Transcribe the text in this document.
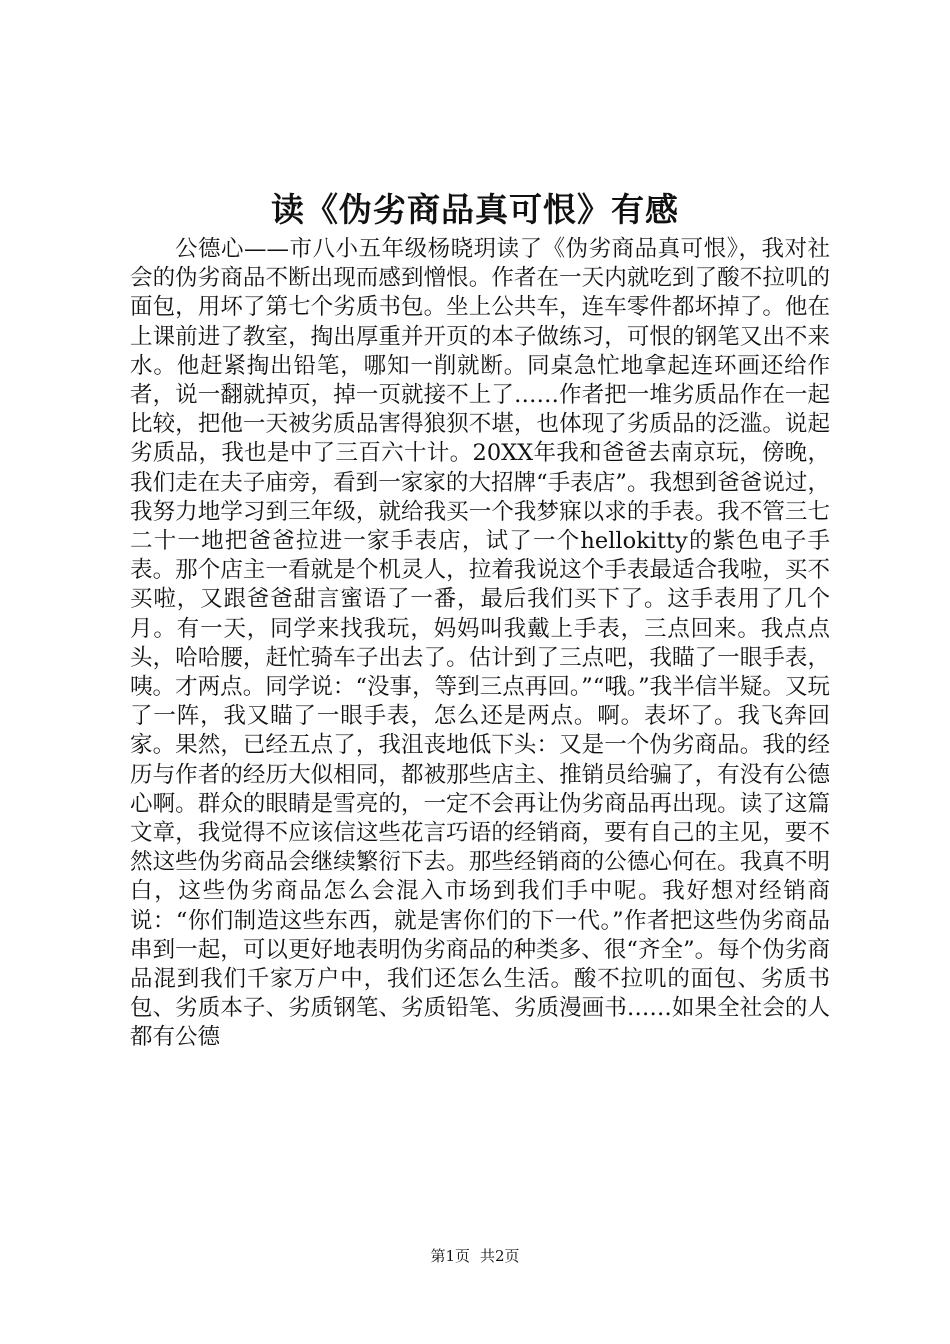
读《伪劣商品真可恨》有感

公德心——市八小五年级杨晓玥读了《伪劣商品真可恨》，我对社会的伪劣商品不断出现而感到憎恨。作者在一天内就吃到了酸不拉叽的面包，用坏了第七个劣质书包。坐上公共车，连车零件都坏掉了。他在上课前进了教室，掏出厚重并开页的本子做练习，可恨的钢笔又出不来水。他赶紧掏出铅笔，哪知一削就断。同桌急忙地拿起连环画还给作者，说一翻就掉页，掉一页就接不上了……作者把一堆劣质品作在一起比较，把他一天被劣质品害得狼狈不堪，也体现了劣质品的泛滥。说起劣质品，我也是中了三百六十计。20XX年我和爸爸去南京玩，傍晚，我们走在夫子庙旁，看到一家家的大招牌“手表店”。我想到爸爸说过，我努力地学习到三年级，就给我买一个我梦寐以求的手表。我不管三七二十一地把爸爸拉进一家手表店，试了一个hellokitty的紫色电子手表。那个店主一看就是个机灵人，拉着我说这个手表最适合我啦，买不买啦，又跟爸爸甜言蜜语了一番，最后我们买下了。这手表用了几个月。有一天，同学来找我玩，妈妈叫我戴上手表，三点回来。我点点头，哈哈腰，赶忙骑车子出去了。估计到了三点吧，我瞄了一眼手表，咦。才两点。同学说：“没事，等到三点再回。”“哦。”我半信半疑。又玩了一阵，我又瞄了一眼手表，怎么还是两点。啊。表坏了。我飞奔回家。果然，已经五点了，我沮丧地低下头：又是一个伪劣商品。我的经历与作者的经历大似相同，都被那些店主、推销员给骗了，有没有公德心啊。群众的眼睛是雪亮的，一定不会再让伪劣商品再出现。读了这篇文章，我觉得不应该信这些花言巧语的经销商，要有自己的主见，要不然这些伪劣商品会继续繁衍下去。那些经销商的公德心何在。我真不明白，这些伪劣商品怎么会混入市场到我们手中呢。我好想对经销商说：“你们制造这些东西，就是害你们的下一代。”作者把这些伪劣商品串到一起，可以更好地表明伪劣商品的种类多、很“齐全”。每个伪劣商品混到我们千家万户中，我们还怎么生活。酸不拉叽的面包、劣质书包、劣质本子、劣质钢笔、劣质铅笔、劣质漫画书……如果全社会的人都有公德

第1页 共2页
